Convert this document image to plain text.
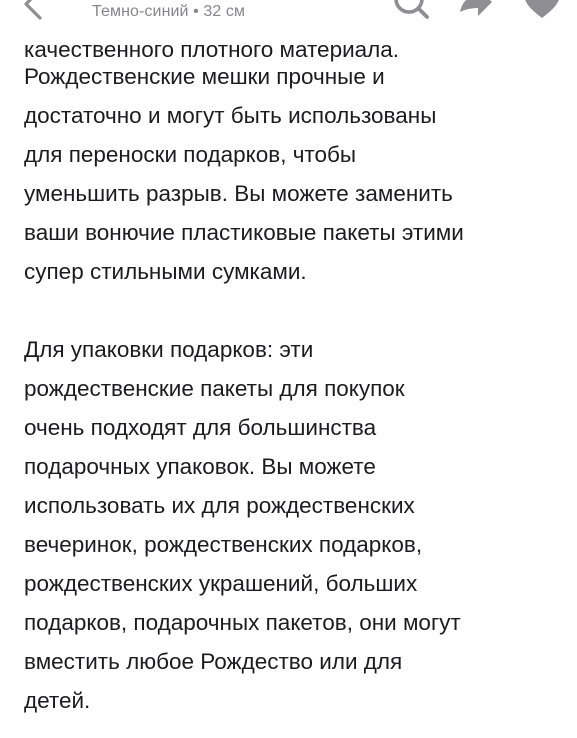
Темно-синий • 32 см
качественного плотного материала.

Рождественские мешки прочные и
достаточно и могут быть использованы
для переноски подарков, чтобы
уменьшить разрыв. Вы можете заменить
ваши вонючие пластиковые пакеты этими
супер стильными сумками.

Для упаковки подарков: эти
рождественские пакеты для покупок
очень подходят для большинства
подарочных упаковок. Вы можете
использовать их для рождественских
вечеринок, рождественских подарков,
рождественских украшений, больших
подарков, подарочных пакетов, они могут
вместить любое Рождество или для
детей.
